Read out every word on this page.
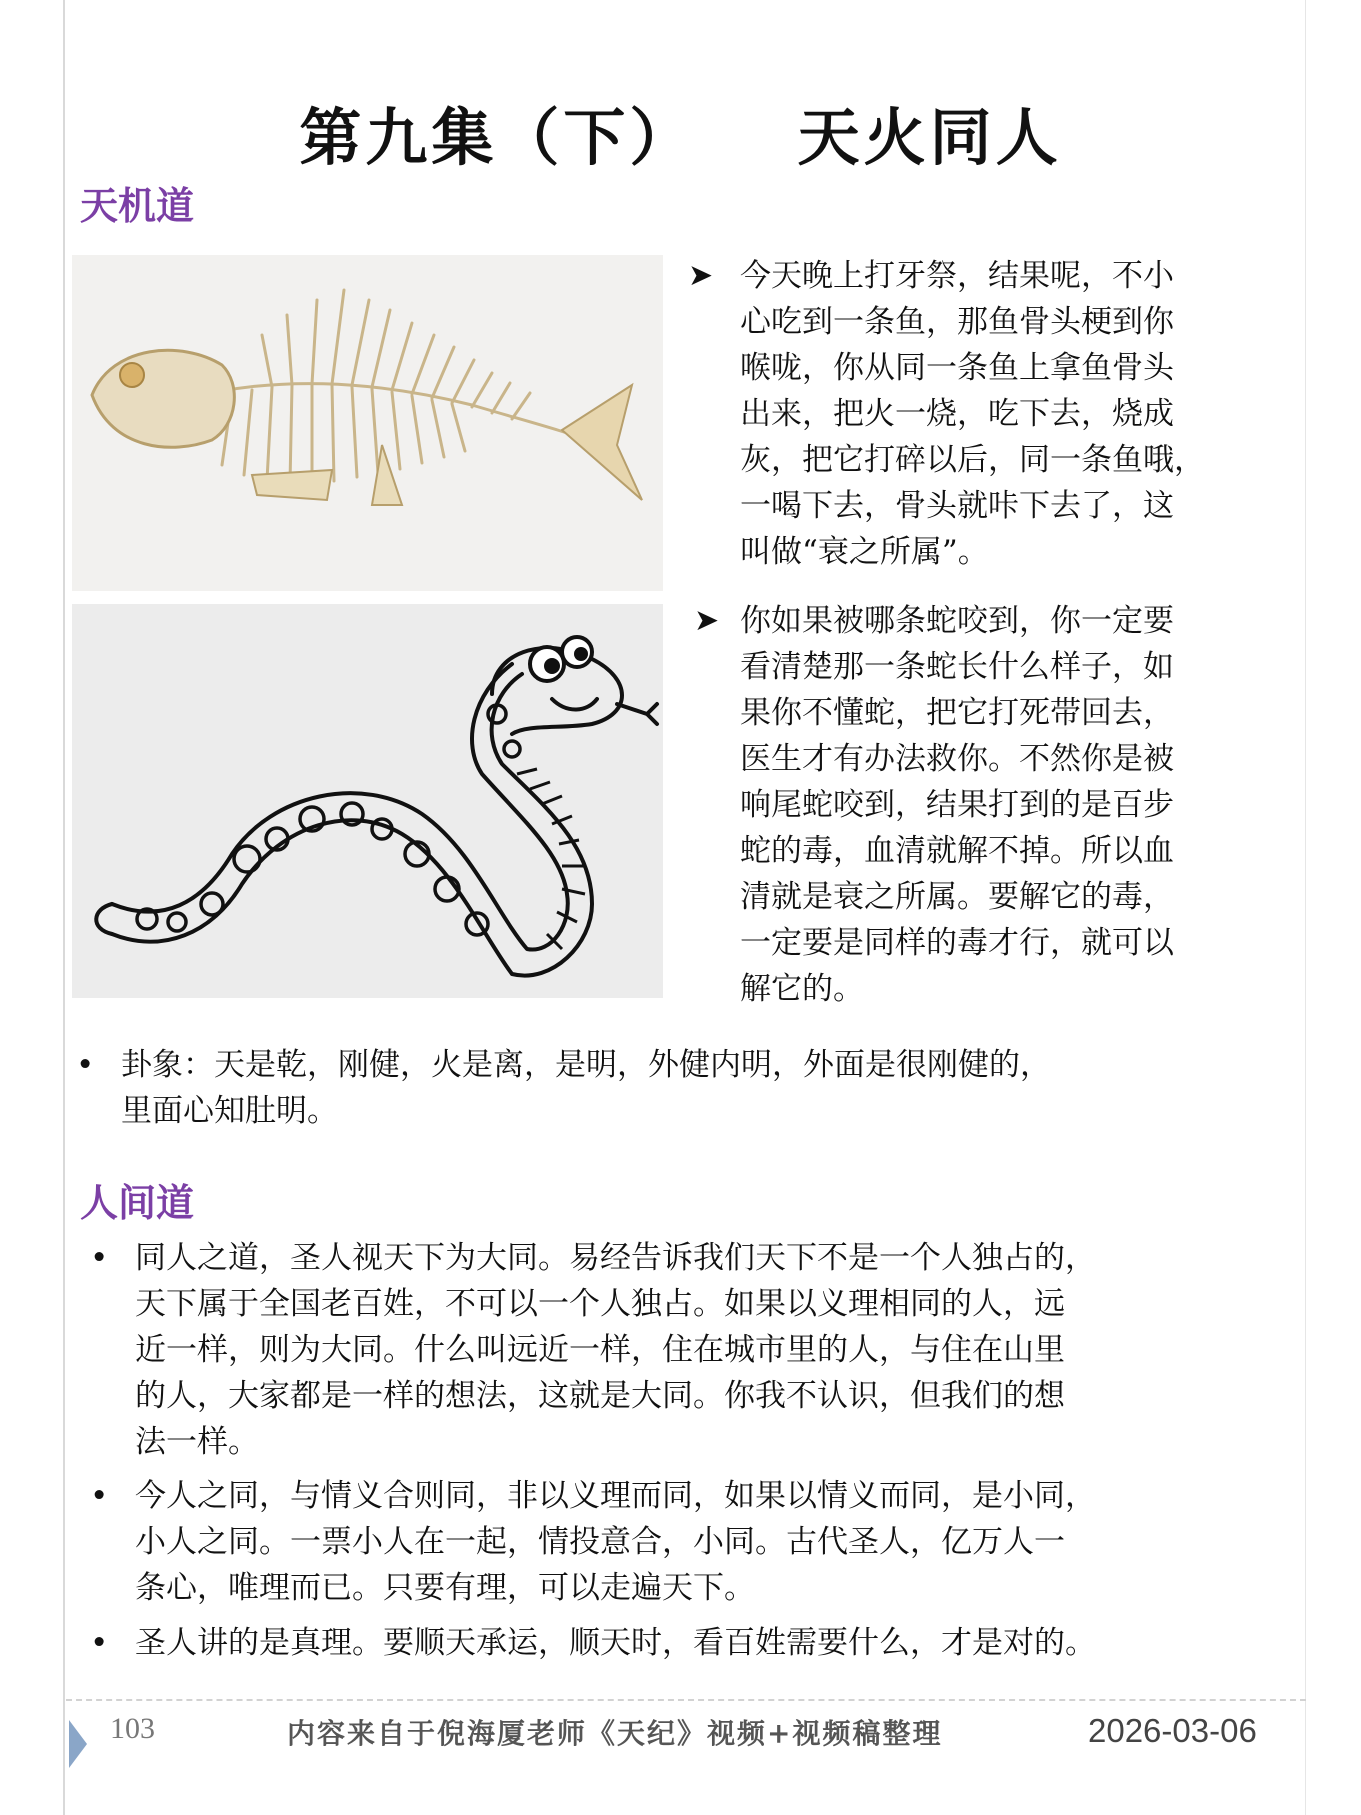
第九集（下）    天火同人
天机道
➤ 今天晚上打牙祭，结果呢，不小
心吃到一条鱼，那鱼骨头梗到你
喉咙，你从同一条鱼上拿鱼骨头
出来，把火一烧，吃下去，烧成
灰，把它打碎以后，同一条鱼哦，
一喝下去，骨头就咔下去了，这
叫做“衰之所属”。
➤ 你如果被哪条蛇咬到，你一定要
看清楚那一条蛇长什么样子，如
果你不懂蛇，把它打死带回去，
医生才有办法救你。不然你是被
响尾蛇咬到，结果打到的是百步
蛇的毒，血清就解不掉。所以血
清就是衰之所属。要解它的毒，
一定要是同样的毒才行，就可以
解它的。
• 卦象：天是乾，刚健，火是离，是明，外健内明，外面是很刚健的，
里面心知肚明。
人间道
• 同人之道，圣人视天下为大同。易经告诉我们天下不是一个人独占的，
天下属于全国老百姓，不可以一个人独占。如果以义理相同的人，远
近一样，则为大同。什么叫远近一样，住在城市里的人，与住在山里
的人，大家都是一样的想法，这就是大同。你我不认识，但我们的想
法一样。
• 今人之同，与情义合则同，非以义理而同，如果以情义而同，是小同，
小人之同。一票小人在一起，情投意合，小同。古代圣人，亿万人一
条心，唯理而已。只要有理，可以走遍天下。
• 圣人讲的是真理。要顺天承运，顺天时，看百姓需要什么，才是对的。
103	内容来自于倪海厦老师《天纪》视频+视频稿整理	2026-03-06
